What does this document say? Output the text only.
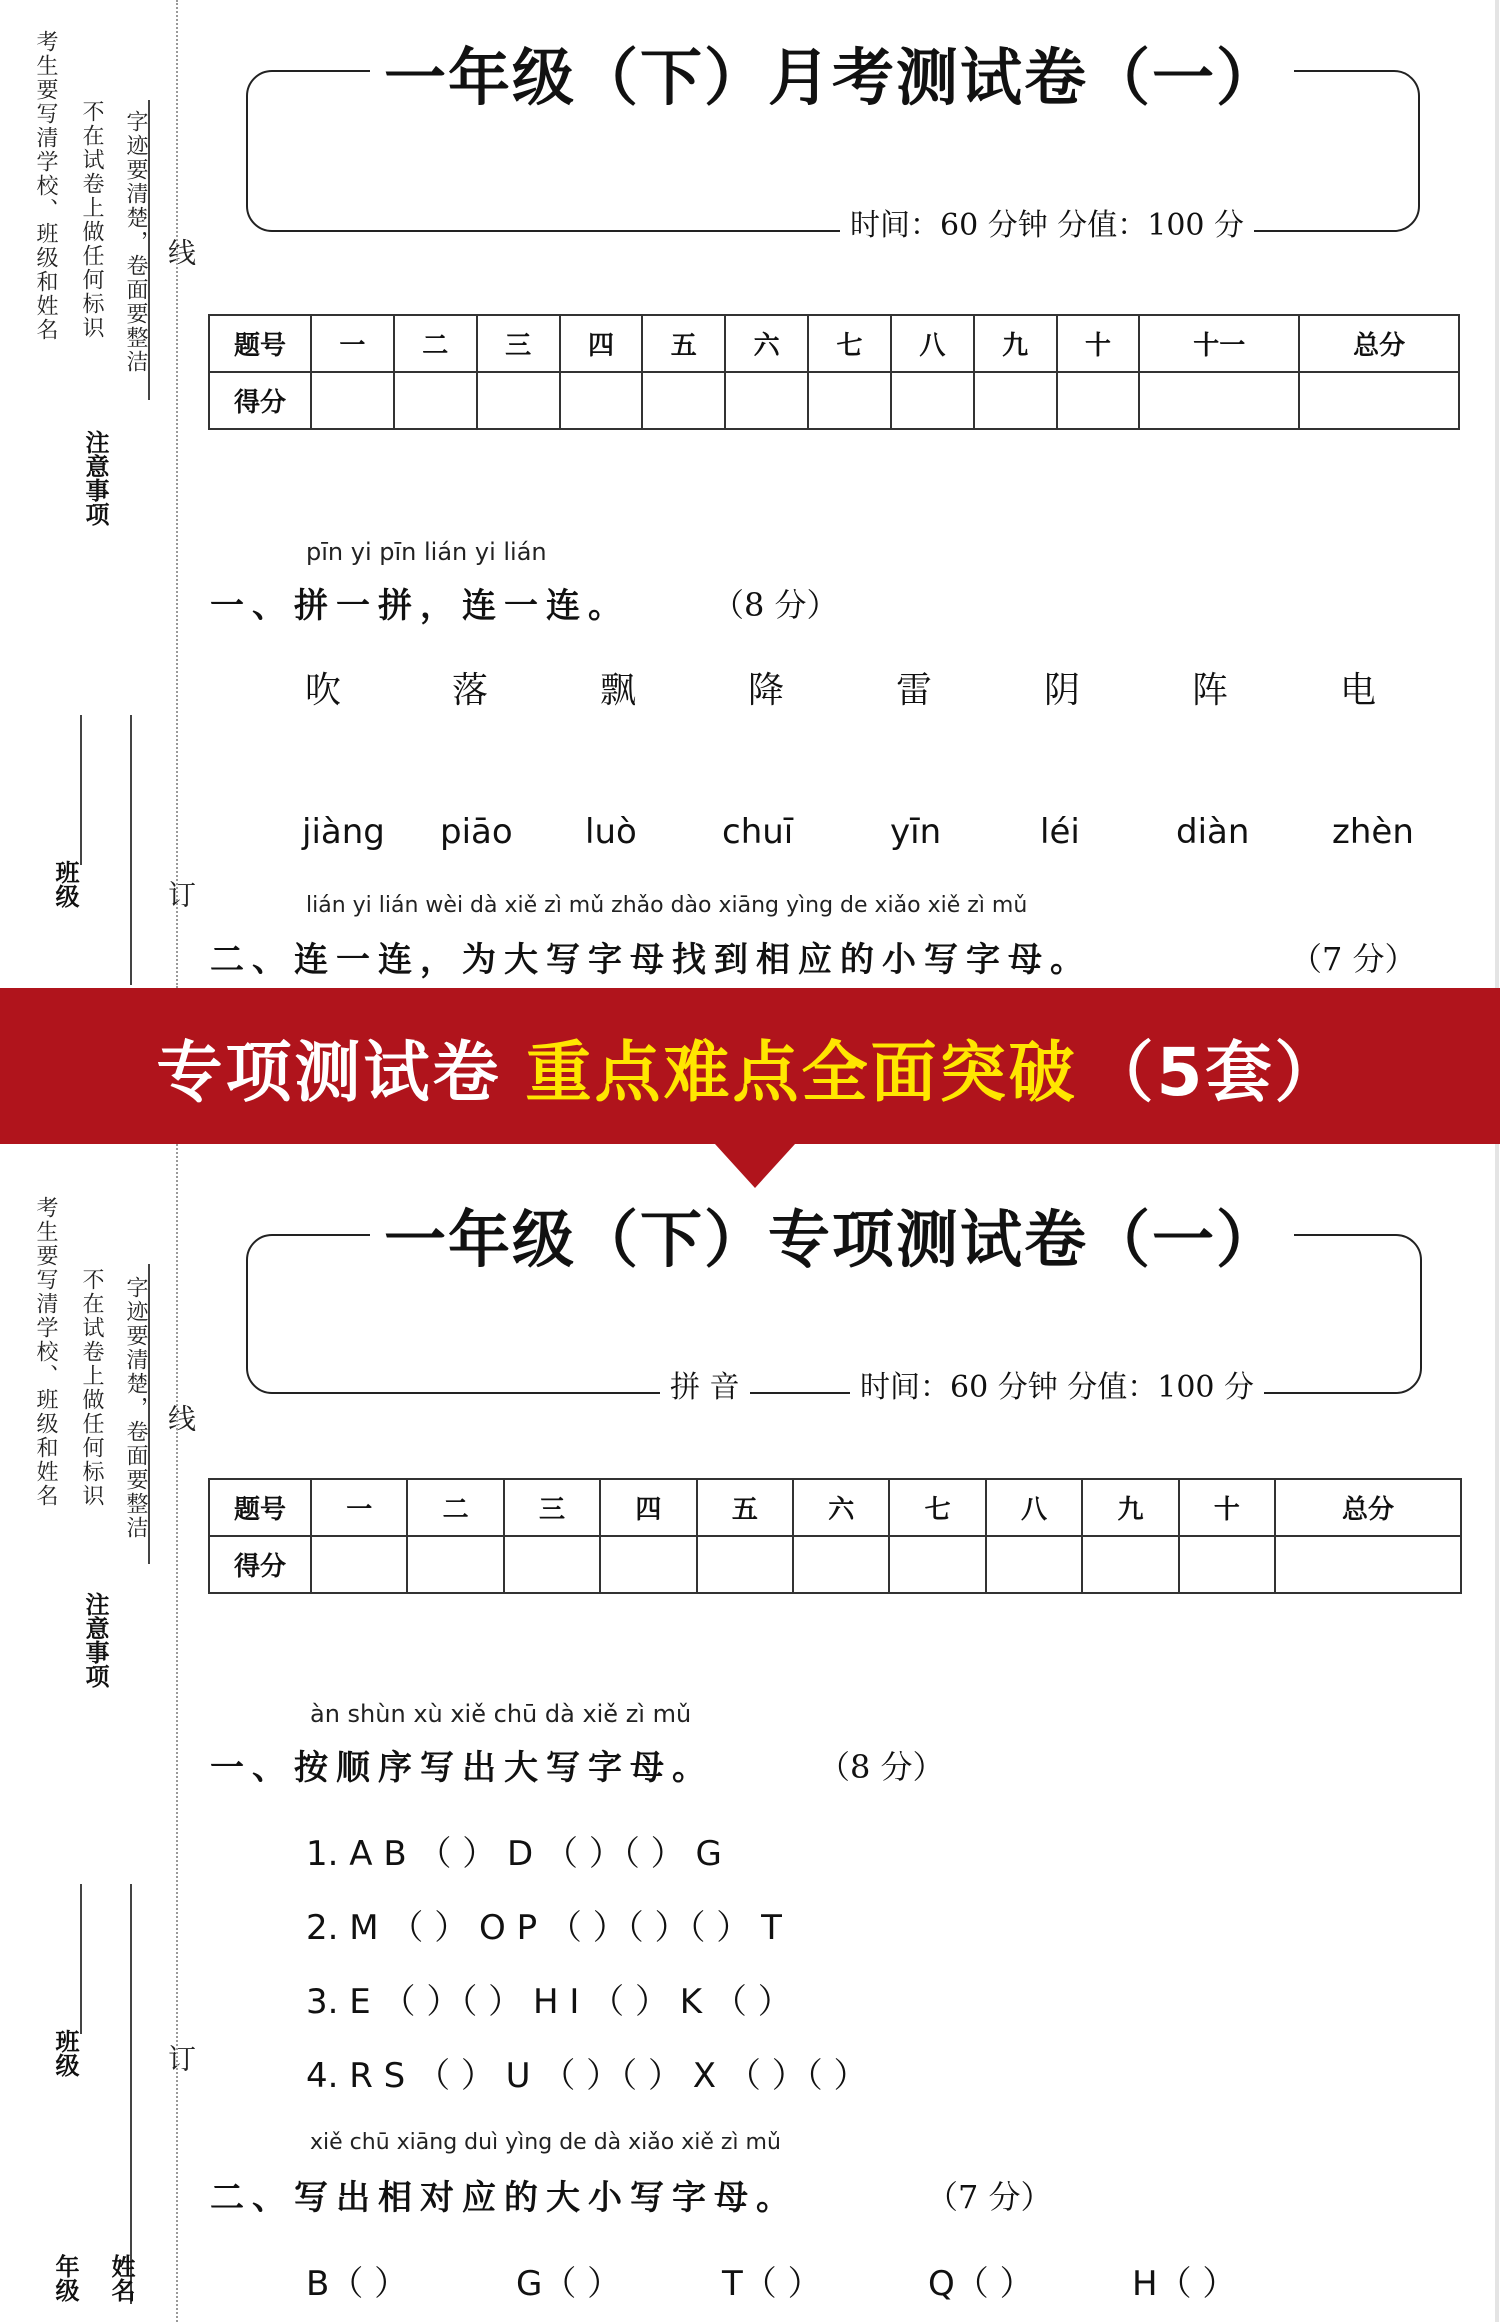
考生要写清学校、班级和姓名 不在试卷上做任何标识 字迹要清楚，卷面要整洁
注意事项
班级
线
订
一年级（下）月考测试卷（一）
时间：60 分钟 分值：100 分
题号	一	二	三	四	五	六	七	八	九	十	十一	总分
得分												
pīn yi pīn lián yi lián
一、拼一拼，连一连。	（8 分）
吹	落	飘	降	雷	阴	阵	电
jiàng piāo luò	chuī	yīn	léi	diàn zhèn
lián yi lián wèi dà xiě zì mǔ zhǎo dào xiāng yìng de xiǎo xiě zì mǔ
二、连一连，为大写字母找到相应的小写字母。	（7 分）
专项测试卷 重点难点全面突破 （5套）
考生要写清学校、班级和姓名 不在试卷上做任何标识 字迹要清楚，卷面要整洁
注意事项
班级
年级 姓名
线
订
一年级（下）专项测试卷（一）
拼 音	时间：60 分钟 分值：100 分
题号	一	二	三	四	五	六	七	八	九	十	总分
得分											
àn shùn xù xiě chū dà xiě zì mǔ
一、按顺序写出大写字母。	（8 分）
1. A B （ ） D （ ）（ ） G
2. M （ ） O P （ ）（ ）（ ） T
3. E （ ）（ ） H I （ ） K （ ）
4. R S （ ） U （ ）（ ） X （ ）（ ）
xiě chū xiāng duì yìng de dà xiǎo xiě zì mǔ
二、写出相对应的大小写字母。	（7 分）
B（ ）	G（ ）	T（ ）	Q（ ）	H（ ）
